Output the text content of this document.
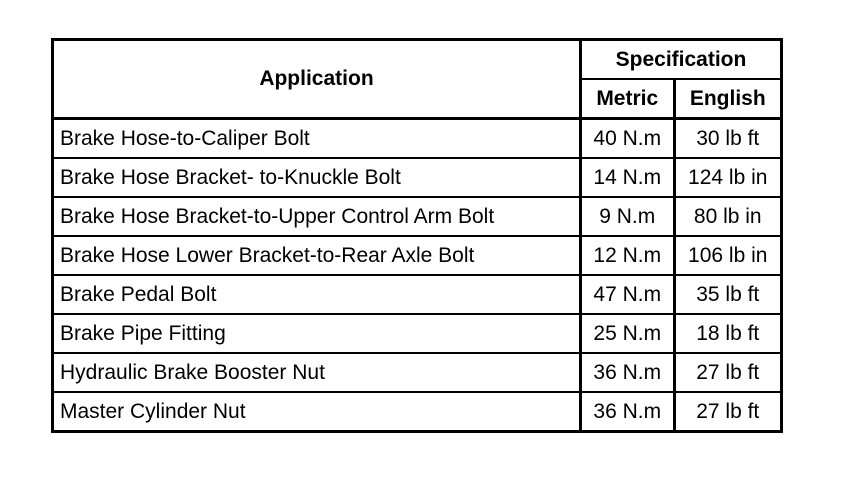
Application	Specification	
	Metric	English
Brake Hose-to-Caliper Bolt	40 N.m	30 lb ft
Brake Hose Bracket- to-Knuckle Bolt	14 N.m	124 lb in
Brake Hose Bracket-to-Upper Control Arm Bolt	9 N.m	80 lb in
Brake Hose Lower Bracket-to-Rear Axle Bolt	12 N.m	106 lb in
Brake Pedal Bolt	47 N.m	35 lb ft
Brake Pipe Fitting	25 N.m	18 lb ft
Hydraulic Brake Booster Nut	36 N.m	27 lb ft
Master Cylinder Nut	36 N.m	27 lb ft
